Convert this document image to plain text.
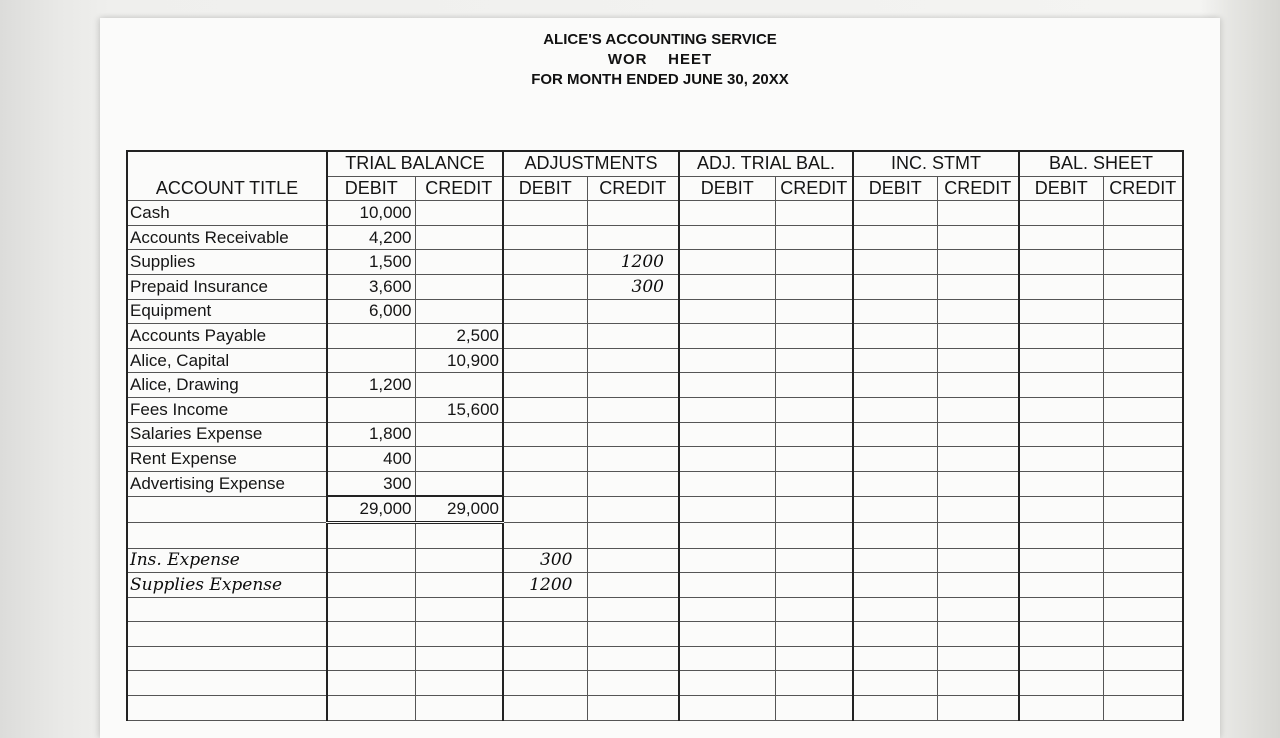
ALICE'S ACCOUNTING SERVICE
WOR    HEET
FOR MONTH ENDED JUNE 30, 20XX
	TRIAL BALANCE		ADJUSTMENTS		ADJ. TRIAL BAL.		INC. STMT		BAL. SHEET	
ACCOUNT TITLE	DEBIT	CREDIT	DEBIT	CREDIT	DEBIT	CREDIT	DEBIT	CREDIT	DEBIT	CREDIT
Cash	10,000									
Accounts Receivable	4,200									
Supplies	1,500			1200						
Prepaid Insurance	3,600			300						
Equipment	6,000									
Accounts Payable		2,500								
Alice, Capital		10,900								
Alice, Drawing	1,200									
Fees Income		15,600								
Salaries Expense	1,800									
Rent Expense	400									
Advertising Expense	300									
	29,000	29,000								

Ins. Expense			300							
Supplies Expense			1200							
